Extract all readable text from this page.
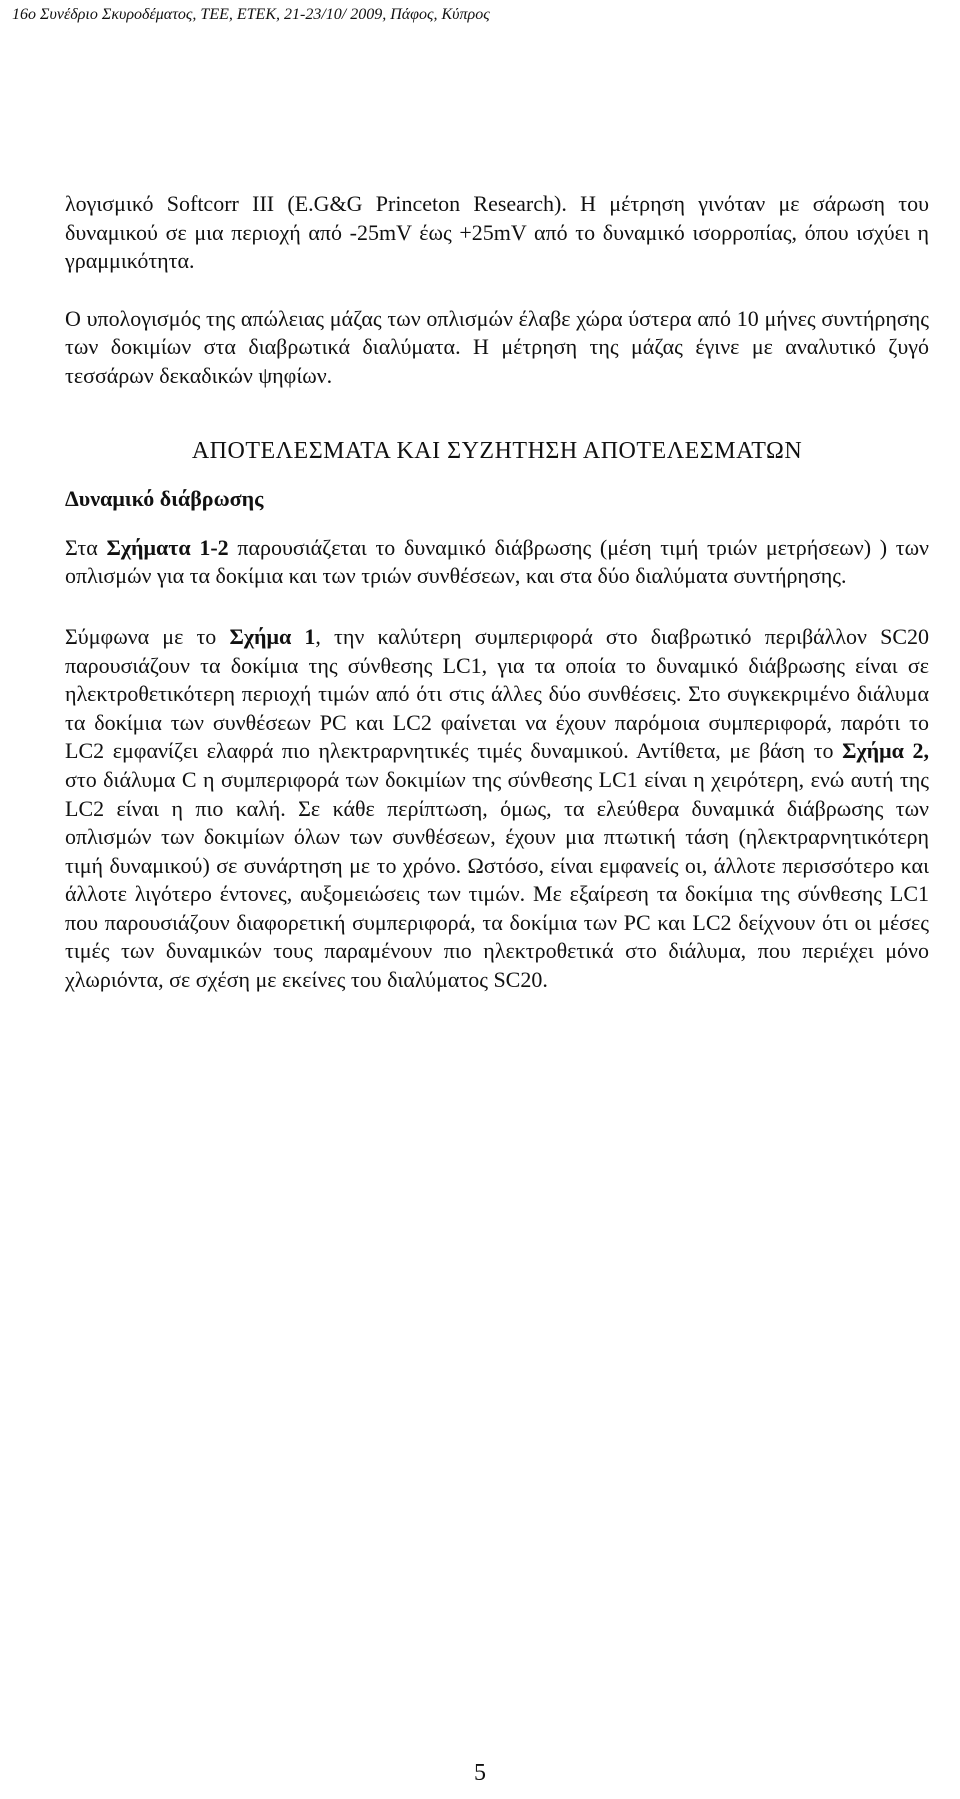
16ο Συνέδριο Σκυροδέματος, ΤΕΕ, ΕΤΕΚ, 21-23/10/ 2009, Πάφος, Κύπρος

λογισμικό Softcorr III (E.G&G Princeton Research). Η μέτρηση γινόταν με σάρωση του δυναμικού σε μια περιοχή από -25mV έως +25mV από το δυναμικό ισορροπίας, όπου ισχύει η γραμμικότητα.

Ο υπολογισμός της απώλειας μάζας των οπλισμών έλαβε χώρα ύστερα από 10 μήνες συντήρησης των δοκιμίων στα διαβρωτικά διαλύματα. Η μέτρηση της μάζας έγινε με αναλυτικό ζυγό τεσσάρων δεκαδικών ψηφίων.

ΑΠΟΤΕΛΕΣΜΑΤΑ ΚΑΙ ΣΥΖΗΤΗΣΗ ΑΠΟΤΕΛΕΣΜΑΤΩΝ
Δυναμικό διάβρωσης

Στα Σχήματα 1-2 παρουσιάζεται το δυναμικό διάβρωσης (μέση τιμή τριών μετρήσεων) ) των οπλισμών για τα δοκίμια και των τριών συνθέσεων, και στα δύο διαλύματα συντήρησης.

Σύμφωνα με το Σχήμα 1, την καλύτερη συμπεριφορά στο διαβρωτικό περιβάλλον SC20 παρουσιάζουν τα δοκίμια της σύνθεσης LC1, για τα οποία το δυναμικό διάβρωσης είναι σε ηλεκτροθετικότερη περιοχή τιμών από ότι στις άλλες δύο συνθέσεις. Στο συγκεκριμένο διάλυμα τα δοκίμια των συνθέσεων PC και LC2 φαίνεται να έχουν παρόμοια συμπεριφορά, παρότι το LC2 εμφανίζει ελαφρά πιο ηλεκτραρνητικές τιμές δυναμικού. Αντίθετα, με βάση το Σχήμα 2, στο διάλυμα C η συμπεριφορά των δοκιμίων της σύνθεσης LC1 είναι η χειρότερη, ενώ αυτή της LC2 είναι η πιο καλή. Σε κάθε περίπτωση, όμως, τα ελεύθερα δυναμικά διάβρωσης των οπλισμών των δοκιμίων όλων των συνθέσεων, έχουν μια πτωτική τάση (ηλεκτραρνητικότερη τιμή δυναμικού) σε συνάρτηση με το χρόνο. Ωστόσο, είναι εμφανείς οι, άλλοτε περισσότερο και άλλοτε λιγότερο έντονες, αυξομειώσεις των τιμών. Με εξαίρεση τα δοκίμια της σύνθεσης LC1 που παρουσιάζουν διαφορετική συμπεριφορά, τα δοκίμια των PC και LC2 δείχνουν ότι οι μέσες τιμές των δυναμικών τους παραμένουν πιο ηλεκτροθετικά στο διάλυμα, που περιέχει μόνο χλωριόντα, σε σχέση με εκείνες του διαλύματος SC20.

5
